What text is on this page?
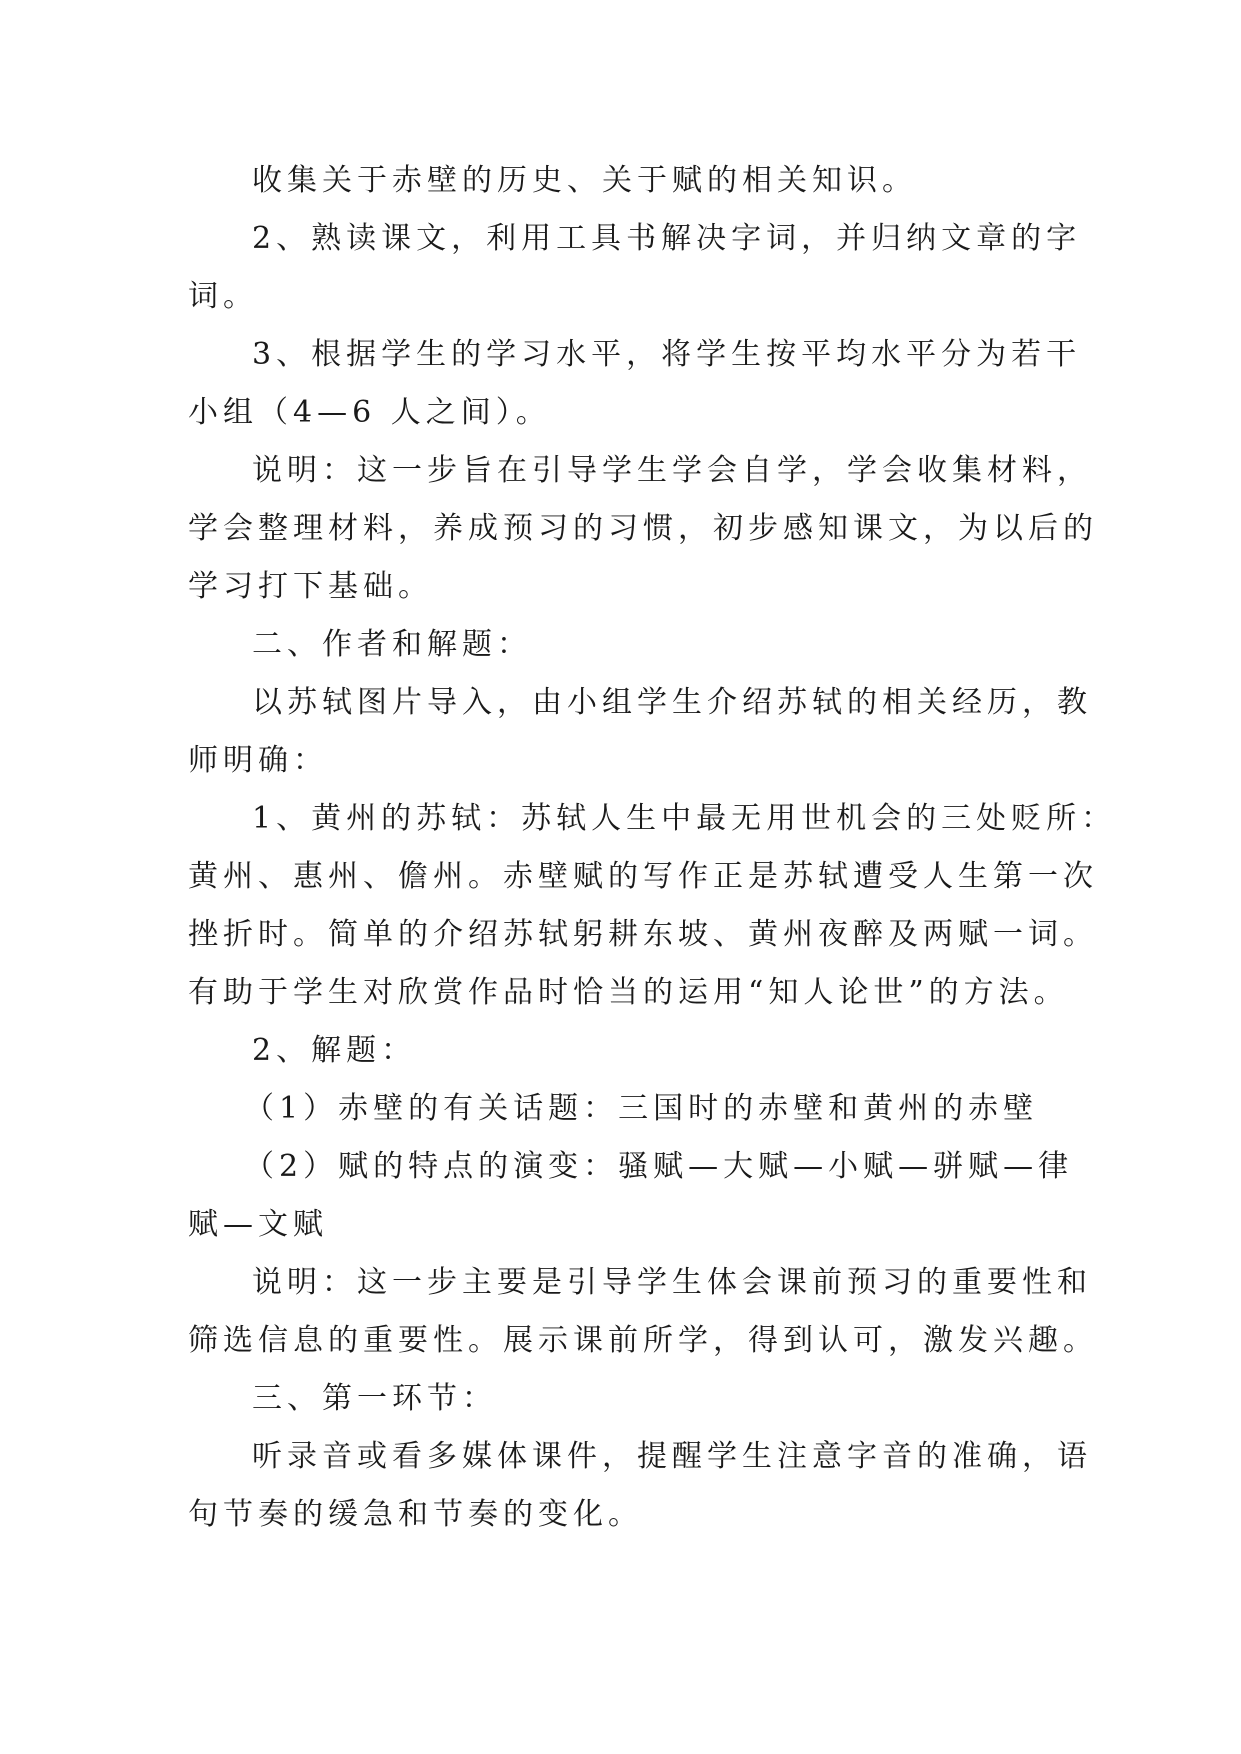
收集关于赤壁的历史、关于赋的相关知识。
2、熟读课文，利用工具书解决字词，并归纳文章的字
词。
3、根据学生的学习水平，将学生按平均水平分为若干
小组（4—6 人之间）。
说明：这一步旨在引导学生学会自学，学会收集材料，
学会整理材料，养成预习的习惯，初步感知课文，为以后的
学习打下基础。
二、作者和解题：
以苏轼图片导入，由小组学生介绍苏轼的相关经历，教
师明确：
1、黄州的苏轼：苏轼人生中最无用世机会的三处贬所：
黄州、惠州、儋州。赤壁赋的写作正是苏轼遭受人生第一次
挫折时。简单的介绍苏轼躬耕东坡、黄州夜醉及两赋一词。
有助于学生对欣赏作品时恰当的运用“知人论世”的方法。
2、解题：
（1）赤壁的有关话题：三国时的赤壁和黄州的赤壁
（2）赋的特点的演变：骚赋—大赋—小赋—骈赋—律
赋—文赋
说明：这一步主要是引导学生体会课前预习的重要性和
筛选信息的重要性。展示课前所学，得到认可，激发兴趣。
三、第一环节：
听录音或看多媒体课件，提醒学生注意字音的准确，语
句节奏的缓急和节奏的变化。
